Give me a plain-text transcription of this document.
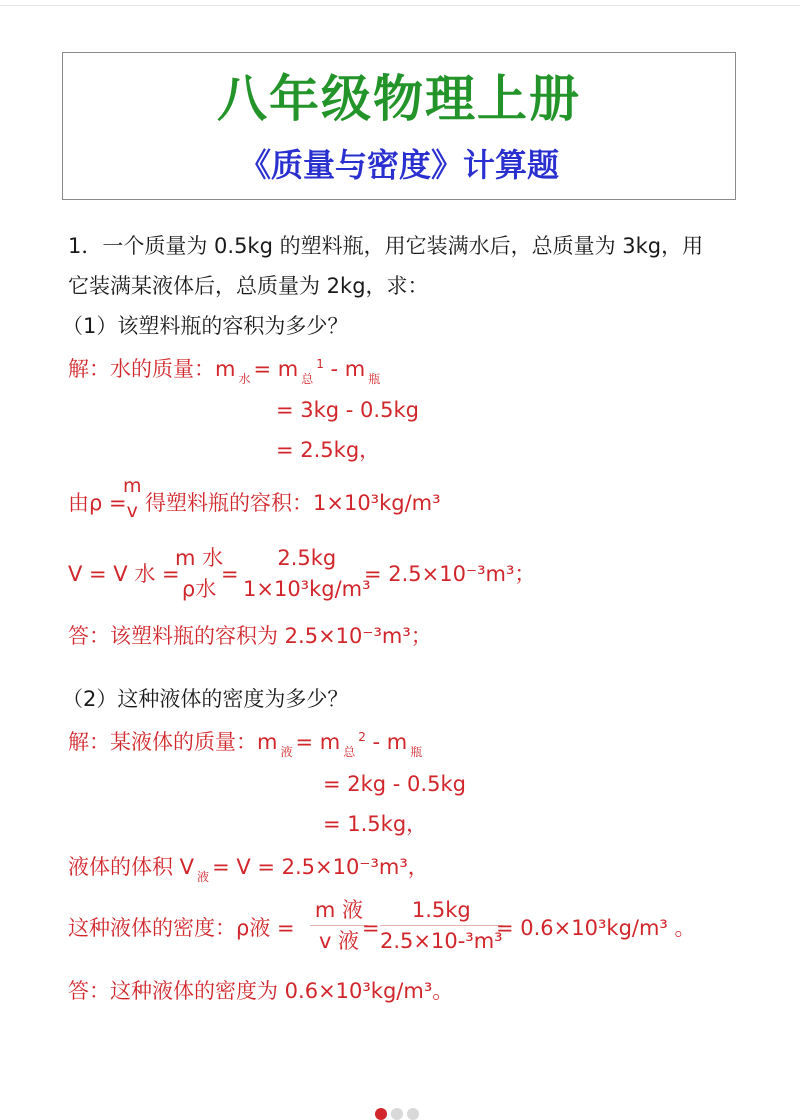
八年级物理上册
《质量与密度》计算题
1．一个质量为 0.5kg 的塑料瓶，用它装满水后，总质量为 3kg，用
它装满某液体后，总质量为 2kg，求：
（1）该塑料瓶的容积为多少？
解：水的质量：m $_水$ = m $_总^1$ - m $_瓶$
= 3kg - 0.5kg
= 2.5kg，
由ρ =
m
v 得塑料瓶的容积：1×10³kg/m³
V = V 水 =
m 水
ρ水
=
2.5kg
1×10³kg/m³
= 2.5×10⁻³m³；
答：该塑料瓶的容积为 2.5×10⁻³m³；
（2）这种液体的密度为多少？
解：某液体的质量：m $_液$ = m $_总^2$ - m $_瓶$
= 2kg - 0.5kg
= 1.5kg，
液体的体积 V $_液$ = V = 2.5×10⁻³m³，
这种液体的密度：ρ液 =
m 液
v 液
=
1.5kg
2.5×10-³m³
= 0.6×10³kg/m³ 。
答：这种液体的密度为 0.6×10³kg/m³。
